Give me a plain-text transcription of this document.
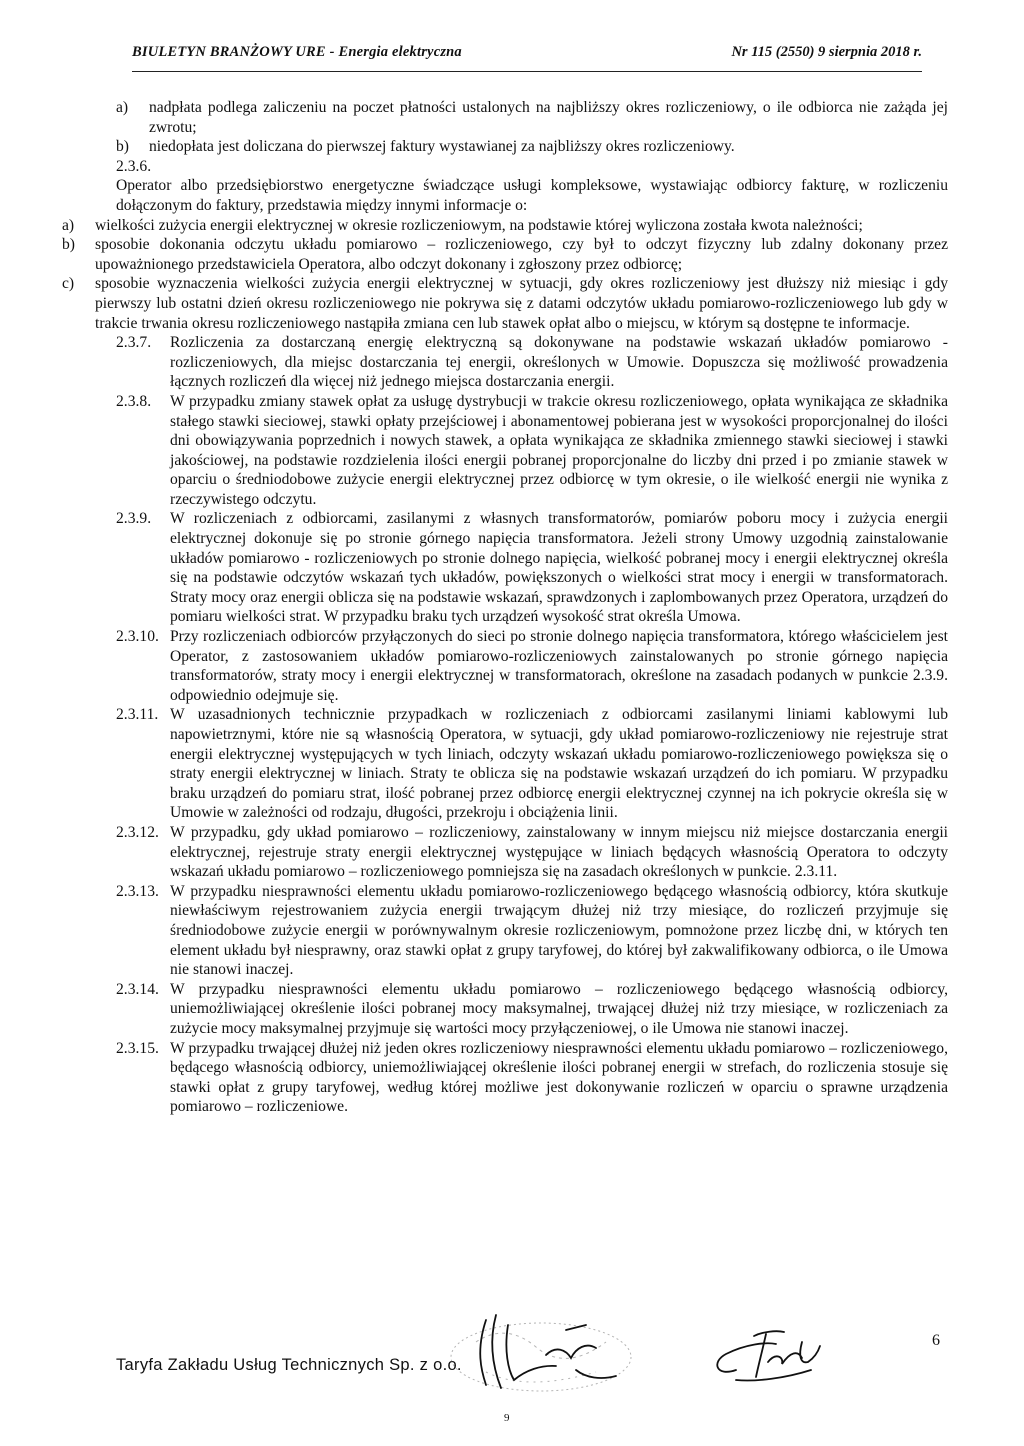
BIULETYN BRANŻOWY URE - Energia elektryczna	Nr 115 (2550) 9 sierpnia 2018 r.
a)	nadpłata podlega zaliczeniu na poczet płatności ustalonych na najbliższy okres rozliczeniowy, o ile odbiorca nie zażąda jej zwrotu;
b)	niedopłata jest doliczana do pierwszej faktury wystawianej za najbliższy okres rozliczeniowy.
2.3.6.
Operator albo przedsiębiorstwo energetyczne świadczące usługi kompleksowe, wystawiając odbiorcy fakturę, w rozliczeniu dołączonym do faktury, przedstawia między innymi informacje o:
a)	wielkości zużycia energii elektrycznej w okresie rozliczeniowym, na podstawie której wyliczona została kwota należności;
b)	sposobie dokonania odczytu układu pomiarowo – rozliczeniowego, czy był to odczyt fizyczny lub zdalny dokonany przez upoważnionego przedstawiciela Operatora, albo odczyt dokonany i zgłoszony przez odbiorcę;
c)	sposobie wyznaczenia wielkości zużycia energii elektrycznej w sytuacji, gdy okres rozliczeniowy jest dłuższy niż miesiąc i gdy pierwszy lub ostatni dzień okresu rozliczeniowego nie pokrywa się z datami odczytów układu pomiarowo-rozliczeniowego lub gdy w trakcie trwania okresu rozliczeniowego nastąpiła zmiana cen lub stawek opłat albo o miejscu, w którym są dostępne te informacje.
2.3.7.	Rozliczenia za dostarczaną energię elektryczną są dokonywane na podstawie wskazań układów pomiarowo - rozliczeniowych, dla miejsc dostarczania tej energii, określonych w Umowie. Dopuszcza się możliwość prowadzenia łącznych rozliczeń dla więcej niż jednego miejsca dostarczania energii.
2.3.8.	W przypadku zmiany stawek opłat za usługę dystrybucji w trakcie okresu rozliczeniowego, opłata wynikająca ze składnika stałego stawki sieciowej, stawki opłaty przejściowej i abonamentowej pobierana jest w wysokości proporcjonalnej do ilości dni obowiązywania poprzednich i nowych stawek, a opłata wynikająca ze składnika zmiennego stawki sieciowej i stawki jakościowej, na podstawie rozdzielenia ilości energii pobranej proporcjonalne do liczby dni przed i po zmianie stawek w oparciu o średniodobowe zużycie energii elektrycznej przez odbiorcę w tym okresie, o ile wielkość energii nie wynika z rzeczywistego odczytu.
2.3.9.	W rozliczeniach z odbiorcami, zasilanymi z własnych transformatorów, pomiarów poboru mocy i zużycia energii elektrycznej dokonuje się po stronie górnego napięcia transformatora. Jeżeli strony Umowy uzgodnią zainstalowanie układów pomiarowo - rozliczeniowych po stronie dolnego napięcia, wielkość pobranej mocy i energii elektrycznej określa się na podstawie odczytów wskazań tych układów, powiększonych o wielkości strat mocy i energii w transformatorach. Straty mocy oraz energii oblicza się na podstawie wskazań, sprawdzonych i zaplombowanych przez Operatora, urządzeń do pomiaru wielkości strat. W przypadku braku tych urządzeń wysokość strat określa Umowa.
2.3.10. Przy rozliczeniach odbiorców przyłączonych do sieci po stronie dolnego napięcia transformatora, którego właścicielem jest Operator, z zastosowaniem układów pomiarowo-rozliczeniowych zainstalowanych po stronie górnego napięcia transformatorów, straty mocy i energii elektrycznej w transformatorach, określone na zasadach podanych w punkcie 2.3.9. odpowiednio odejmuje się.
2.3.11. W uzasadnionych technicznie przypadkach w rozliczeniach z odbiorcami zasilanymi liniami kablowymi lub napowietrznymi, które nie są własnością Operatora, w sytuacji, gdy układ pomiarowo-rozliczeniowy nie rejestruje strat energii elektrycznej występujących w tych liniach, odczyty wskazań układu pomiarowo-rozliczeniowego powiększa się o straty energii elektrycznej w liniach. Straty te oblicza się na podstawie wskazań urządzeń do ich pomiaru. W przypadku braku urządzeń do pomiaru strat, ilość pobranej przez odbiorcę energii elektrycznej czynnej na ich pokrycie określa się w Umowie w zależności od rodzaju, długości, przekroju i obciążenia linii.
2.3.12. W przypadku, gdy układ pomiarowo – rozliczeniowy, zainstalowany w innym miejscu niż miejsce dostarczania energii elektrycznej, rejestruje straty energii elektrycznej występujące w liniach będących własnością Operatora to odczyty wskazań układu pomiarowo – rozliczeniowego pomniejsza się na zasadach określonych w punkcie. 2.3.11.
2.3.13. W przypadku niesprawności elementu układu pomiarowo-rozliczeniowego będącego własnością odbiorcy, która skutkuje niewłaściwym rejestrowaniem zużycia energii trwającym dłużej niż trzy miesiące, do rozliczeń przyjmuje się średniodobowe zużycie energii w porównywalnym okresie rozliczeniowym, pomnożone przez liczbę dni, w których ten element układu był niesprawny, oraz stawki opłat z grupy taryfowej, do której był zakwalifikowany odbiorca, o ile Umowa nie stanowi inaczej.
2.3.14. W przypadku niesprawności elementu układu pomiarowo – rozliczeniowego będącego własnością odbiorcy, uniemożliwiającej określenie ilości pobranej mocy maksymalnej, trwającej dłużej niż trzy miesiące, w rozliczeniach za zużycie mocy maksymalnej przyjmuje się wartości mocy przyłączeniowej, o ile Umowa nie stanowi inaczej.
2.3.15. W przypadku trwającej dłużej niż jeden okres rozliczeniowy niesprawności elementu układu pomiarowo – rozliczeniowego, będącego własnością odbiorcy, uniemożliwiającej określenie ilości pobranej energii w strefach, do rozliczenia stosuje się stawki opłat z grupy taryfowej, według której możliwe jest dokonywanie rozliczeń w oparciu o sprawne urządzenia pomiarowo – rozliczeniowe.
Taryfa Zakładu Usług Technicznych Sp. z o.o.
6
9
